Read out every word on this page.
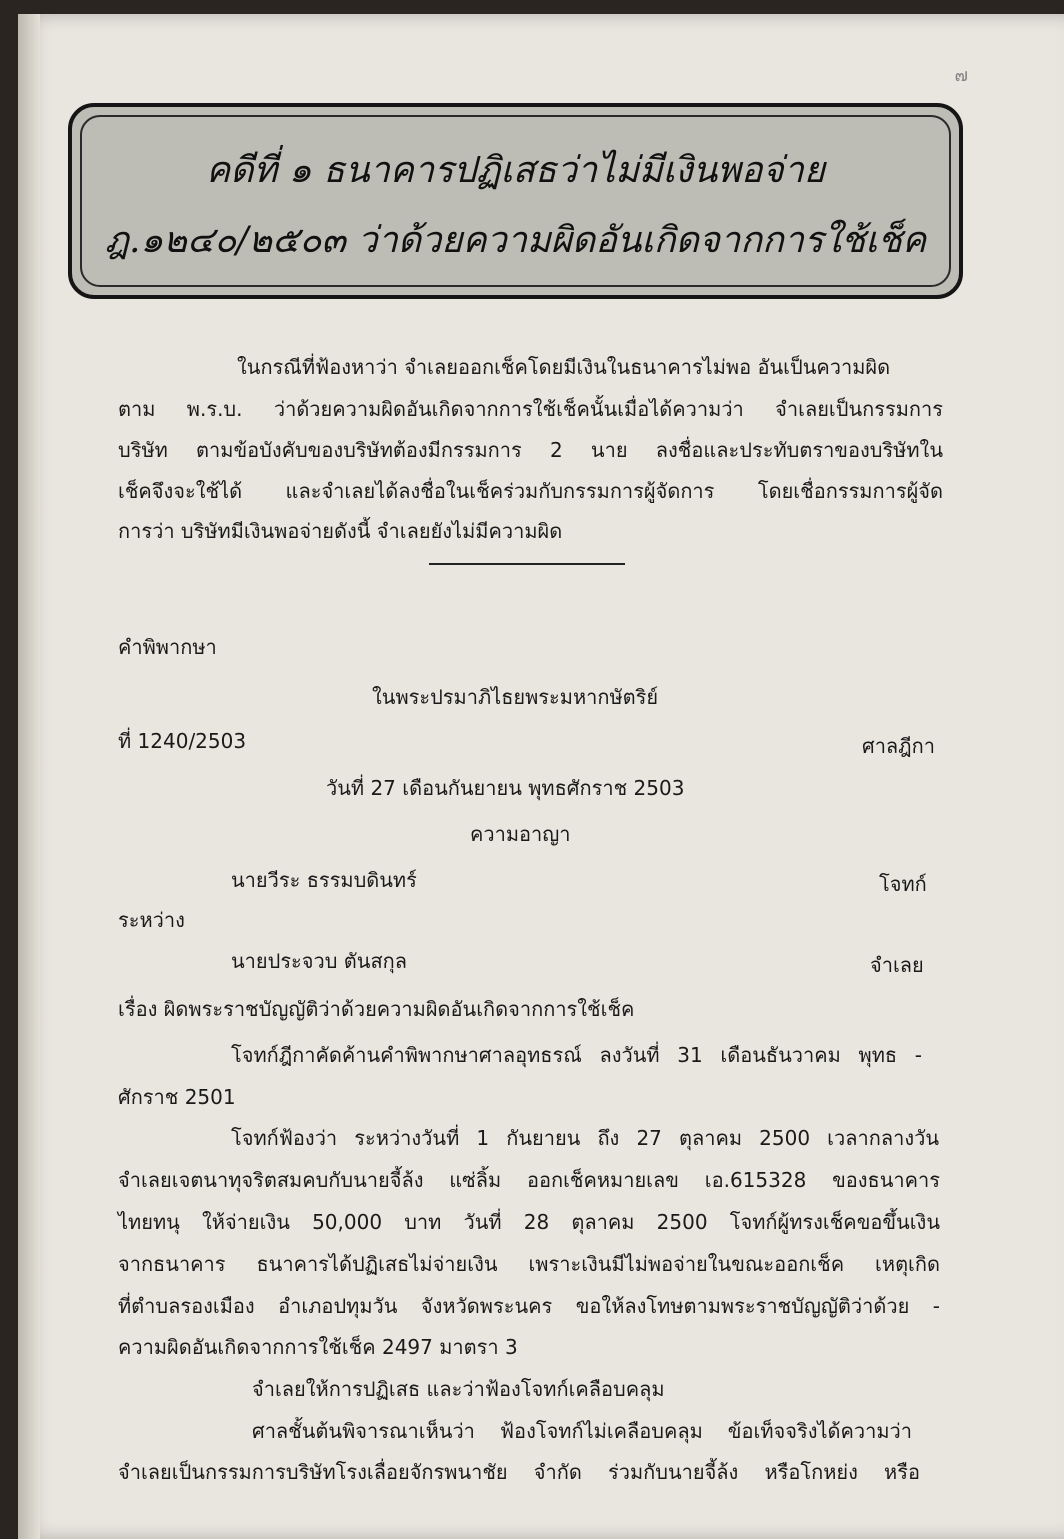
๗
คดีที่ ๑ ธนาคารปฏิเสธว่าไม่มีเงินพอจ่าย
ฎ.๑๒๔๐/๒๕๐๓ ว่าด้วยความผิดอันเกิดจากการใช้เช็ค
ในกรณีที่ฟ้องหาว่า จำเลยออกเช็คโดยมีเงินในธนาคารไม่พอ อันเป็นความผิด
ตาม พ.ร.บ. ว่าด้วยความผิดอันเกิดจากการใช้เช็คนั้นเมื่อได้ความว่า จำเลยเป็นกรรมการ
บริษัท ตามข้อบังคับของบริษัทต้องมีกรรมการ 2 นาย ลงชื่อและประทับตราของบริษัทใน
เช็คจึงจะใช้ได้ และจำเลยได้ลงชื่อในเช็คร่วมกับกรรมการผู้จัดการ โดยเชื่อกรรมการผู้จัด
การว่า บริษัทมีเงินพอจ่ายดังนี้ จำเลยยังไม่มีความผิด
คำพิพากษา
ในพระปรมาภิไธยพระมหากษัตริย์
ที่ 1240/2503	ศาลฎีกา
วันที่ 27 เดือนกันยายน พุทธศักราช 2503
ความอาญา
นายวีระ ธรรมบดินทร์	โจทก์
ระหว่าง
นายประจวบ ตันสกุล	จำเลย
เรื่อง ผิดพระราชบัญญัติว่าด้วยความผิดอันเกิดจากการใช้เช็ค
โจทก์ฎีกาคัดค้านคำพิพากษาศาลอุทธรณ์ ลงวันที่ 31 เดือนธันวาคม พุทธ -
ศักราช 2501
โจทก์ฟ้องว่า ระหว่างวันที่ 1 กันยายน ถึง 27 ตุลาคม 2500 เวลากลางวัน
จำเลยเจตนาทุจริตสมคบกับนายจี้ล้ง แซ่ลิ้ม ออกเช็คหมายเลข เอ.615328 ของธนาคาร
ไทยทนุ ให้จ่ายเงิน 50,000 บาท วันที่ 28 ตุลาคม 2500 โจทก์ผู้ทรงเช็คขอขึ้นเงิน
จากธนาคาร ธนาคารได้ปฏิเสธไม่จ่ายเงิน เพราะเงินมีไม่พอจ่ายในขณะออกเช็ค เหตุเกิด
ที่ตำบลรองเมือง อำเภอปทุมวัน จังหวัดพระนคร ขอให้ลงโทษตามพระราชบัญญัติว่าด้วย -
ความผิดอันเกิดจากการใช้เช็ค 2497 มาตรา 3
จำเลยให้การปฏิเสธ และว่าฟ้องโจทก์เคลือบคลุม
ศาลชั้นต้นพิจารณาเห็นว่า ฟ้องโจทก์ไม่เคลือบคลุม ข้อเท็จจริงได้ความว่า
จำเลยเป็นกรรมการบริษัทโรงเลื่อยจักรพนาชัย จำกัด ร่วมกับนายจี้ล้ง หรือโกหย่ง หรือ
